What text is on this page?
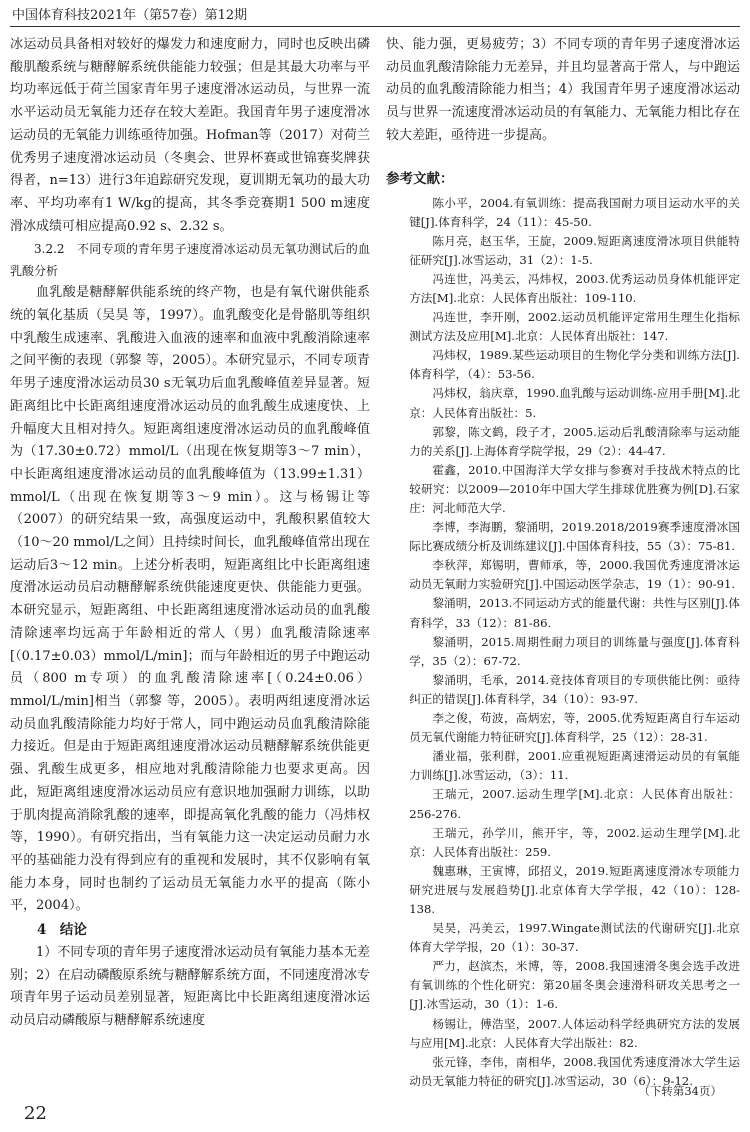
中国体育科技2021年（第57卷）第12期

冰运动员具备相对较好的爆发力和速度耐力，同时也反映出磷酸肌酸系统与糖酵解系统供能能力较强；但是其最大功率与平均功率远低于荷兰国家青年男子速度滑冰运动员，与世界一流水平运动员无氧能力还存在较大差距。我国青年男子速度滑冰运动员的无氧能力训练亟待加强。Hofman等（2017）对荷兰优秀男子速度滑冰运动员（冬奥会、世界杯赛或世锦赛奖牌获得者，n=13）进行3年追踪研究发现，夏训期无氧功的最大功率、平均功率有1 W/kg的提高，其冬季竞赛期1 500 m速度滑冰成绩可相应提高0.92 s、2.32 s。

3.2.2　不同专项的青年男子速度滑冰运动员无氧功测试后的血乳酸分析

血乳酸是糖酵解供能系统的终产物，也是有氧代谢供能系统的氧化基质（吴昊 等，1997）。血乳酸变化是骨骼肌等组织中乳酸生成速率、乳酸进入血液的速率和血液中乳酸消除速率之间平衡的表现（郭黎 等，2005）。本研究显示，不同专项青年男子速度滑冰运动员30 s无氧功后血乳酸峰值差异显著。短距离组比中长距离组速度滑冰运动员的血乳酸生成速度快、上升幅度大且相对持久。短距离组速度滑冰运动员的血乳酸峰值为（17.30±0.72）mmol/L（出现在恢复期等3～7 min），中长距离组速度滑冰运动员的血乳酸峰值为（13.99±1.31）mmol/L（出现在恢复期等3～9 min）。这与杨锡让等（2007）的研究结果一致，高强度运动中，乳酸积累值较大（10～20 mmol/L之间）且持续时间长，血乳酸峰值常出现在运动后3～12 min。上述分析表明，短距离组比中长距离组速度滑冰运动员启动糖酵解系统供能速度更快、供能能力更强。本研究显示，短距离组、中长距离组速度滑冰运动员的血乳酸清除速率均远高于年龄相近的常人（男）血乳酸清除速率[（0.17±0.03）mmol/L/min]；而与年龄相近的男子中跑运动员（800 m专项）的血乳酸清除速率[（0.24±0.06）mmol/L/min]相当（郭黎 等，2005）。表明两组速度滑冰运动员血乳酸清除能力均好于常人，同中跑运动员血乳酸清除能力接近。但是由于短距离组速度滑冰运动员糖酵解系统供能更强、乳酸生成更多，相应地对乳酸清除能力也要求更高。因此，短距离组速度滑冰运动员应有意识地加强耐力训练，以助于肌肉提高消除乳酸的速率，即提高氧化乳酸的能力（冯炜权 等，1990）。有研究指出，当有氧能力这一决定运动员耐力水平的基础能力没有得到应有的重视和发展时，其不仅影响有氧能力本身，同时也制约了运动员无氧能力水平的提高（陈小平，2004）。

4　结论

1）不同专项的青年男子速度滑冰运动员有氧能力基本无差别；2）在启动磷酸原系统与糖酵解系统方面，不同速度滑冰专项青年男子运动员差别显著，短距离比中长距离组速度滑冰运动员启动磷酸原与糖酵解系统速度

快、能力强，更易疲劳；3）不同专项的青年男子速度滑冰运动员血乳酸清除能力无差异，并且均显著高于常人，与中跑运动员的血乳酸清除能力相当；4）我国青年男子速度滑冰运动员与世界一流速度滑冰运动员的有氧能力、无氧能力相比存在较大差距，亟待进一步提高。

参考文献：

陈小平，2004.有氧训练：提高我国耐力项目运动水平的关键[J].体育科学，24（11）：45-50.

陈月亮，赵玉华，王旋，2009.短距离速度滑冰项目供能特征研究[J].冰雪运动，31（2）：1-5.

冯连世，冯美云，冯炜权，2003.优秀运动员身体机能评定方法[M].北京：人民体育出版社：109-110.

冯连世，李开刚，2002.运动员机能评定常用生理生化指标测试方法及应用[M].北京：人民体育出版社：147.

冯炜权，1989.某些运动项目的生物化学分类和训练方法[J].体育科学，（4）：53-56.

冯炜权，翁庆章，1990.血乳酸与运动训练-应用手册[M].北京：人民体育出版社：5.

郭黎，陈文鹤，段子才，2005.运动后乳酸清除率与运动能力的关系[J].上海体育学院学报，29（2）：44-47.

霍鑫，2010.中国海洋大学女排与参赛对手技战术特点的比较研究：以2009—2010年中国大学生排球优胜赛为例[D].石家庄：河北师范大学.

李博，李海鹏，黎涌明，2019.2018/2019赛季速度滑冰国际比赛成绩分析及训练建议[J].中国体育科技，55（3）：75-81.

李秋萍，郑锡明，曹师承，等，2000.我国优秀速度滑冰运动员无氧耐力实验研究[J].中国运动医学杂志，19（1）：90-91.

黎涌明，2013.不同运动方式的能量代谢：共性与区别[J].体育科学，33（12）：81-86.

黎涌明，2015.周期性耐力项目的训练量与强度[J].体育科学，35（2）：67-72.

黎涌明，毛承，2014.竞技体育项目的专项供能比例：亟待纠正的错误[J].体育科学，34（10）：93-97.

李之俊，苟波，高炳宏，等，2005.优秀短距离自行车运动员无氧代谢能力特征研究[J].体育科学，25（12）：28-31.

潘业福，张利群，2001.应重视短距离速滑运动员的有氧能力训练[J].冰雪运动，（3）：11.

王瑞元，2007.运动生理学[M].北京：人民体育出版社：256-276.

王瑞元，孙学川，熊开宇，等，2002.运动生理学[M].北京：人民体育出版社：259.

魏惠琳，王寅博，邱招义，2019.短距离速度滑冰专项能力研究进展与发展趋势[J].北京体育大学学报，42（10）：128-138.

吴昊，冯美云，1997.Wingate测试法的代谢研究[J].北京体育大学学报，20（1）：30-37.

严力，赵滨杰，米博，等，2008.我国速滑冬奥会选手改进有氧训练的个性化研究：第20届冬奥会速滑科研攻关思考之一[J].冰雪运动，30（1）：1-6.

杨锡让，傅浩坚，2007.人体运动科学经典研究方法的发展与应用[M].北京：人民体育大学出版社：82.

张元锋，李伟，南相华，2008.我国优秀速度滑冰大学生运动员无氧能力特征的研究[J].冰雪运动，30（6）：9-12.

（下转第34页）
22
